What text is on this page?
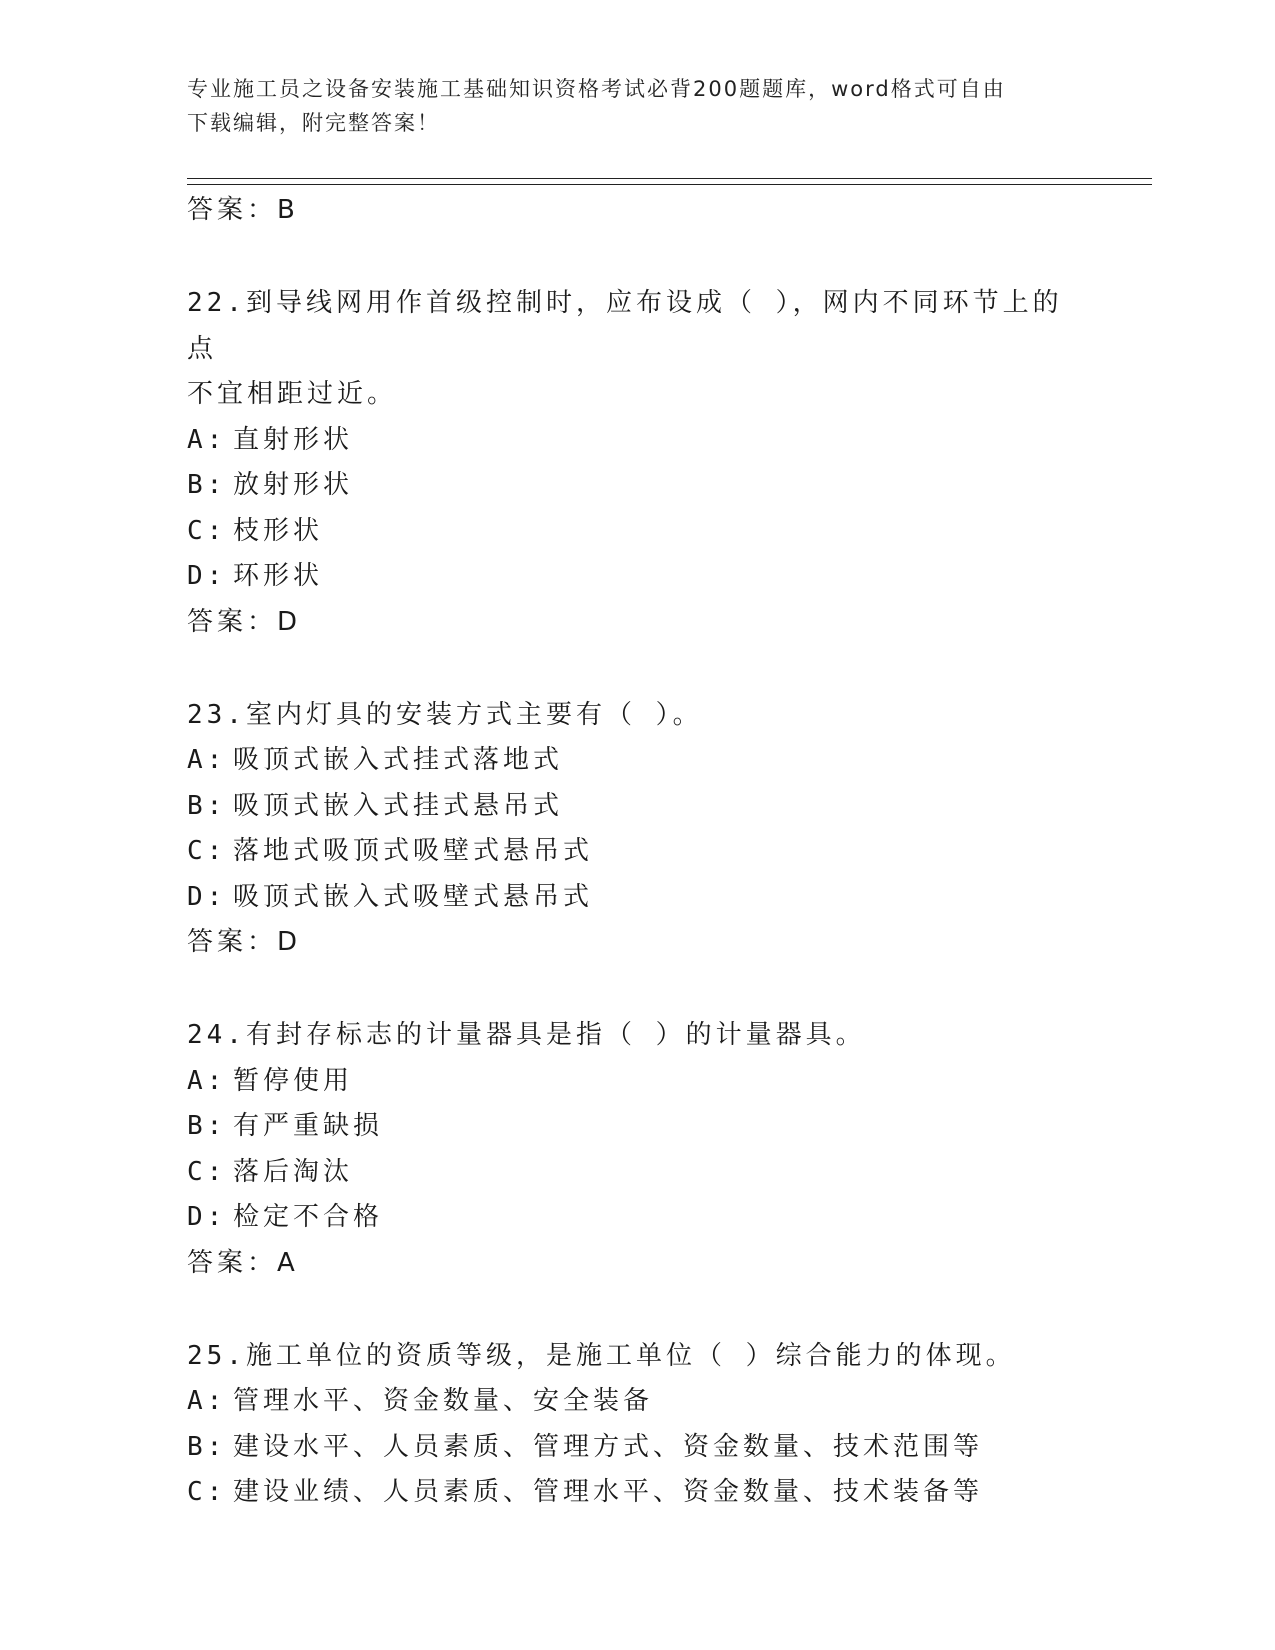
专业施工员之设备安装施工基础知识资格考试必背200题题库，word格式可自由
下载编辑，附完整答案！
答案：B
22.到导线网用作首级控制时，应布设成（ ），网内不同环节上的点
不宜相距过近。
A: 直射形状
B: 放射形状
C: 枝形状
D: 环形状
答案：D
23.室内灯具的安装方式主要有（ ）。
A: 吸顶式嵌入式挂式落地式
B: 吸顶式嵌入式挂式悬吊式
C: 落地式吸顶式吸壁式悬吊式
D: 吸顶式嵌入式吸壁式悬吊式
答案：D
24.有封存标志的计量器具是指（ ）的计量器具。
A: 暂停使用
B: 有严重缺损
C: 落后淘汰
D: 检定不合格
答案：A
25.施工单位的资质等级，是施工单位（ ）综合能力的体现。
A: 管理水平、资金数量、安全装备
B: 建设水平、人员素质、管理方式、资金数量、技术范围等
C: 建设业绩、人员素质、管理水平、资金数量、技术装备等
